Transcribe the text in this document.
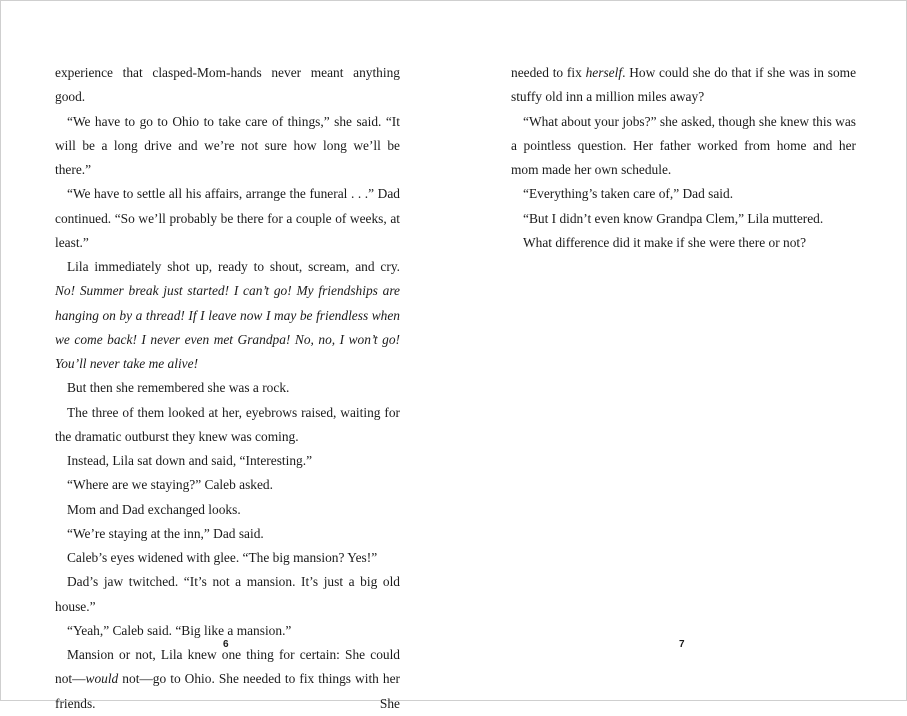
experience that clasped-Mom-hands never meant anything good.

“We have to go to Ohio to take care of things,” she said. “It will be a long drive and we’re not sure how long we’ll be there.”

“We have to settle all his affairs, arrange the funeral . . .” Dad continued. “So we’ll probably be there for a couple of weeks, at least.”

Lila immediately shot up, ready to shout, scream, and cry. No! Summer break just started! I can’t go! My friendships are hanging on by a thread! If I leave now I may be friendless when we come back! I never even met Grandpa! No, no, I won’t go! You’ll never take me alive!

But then she remembered she was a rock.

The three of them looked at her, eyebrows raised, waiting for the dramatic outburst they knew was coming.

Instead, Lila sat down and said, “Interesting.”

“Where are we staying?” Caleb asked.

Mom and Dad exchanged looks.

“We’re staying at the inn,” Dad said.

Caleb’s eyes widened with glee. “The big mansion? Yes!”

Dad’s jaw twitched. “It’s not a mansion. It’s just a big old house.”

“Yeah,” Caleb said. “Big like a mansion.”

Mansion or not, Lila knew one thing for certain: She could not—would not—go to Ohio. She needed to fix things with her friends. She

6

needed to fix herself. How could she do that if she was in some stuffy old inn a million miles away?

“What about your jobs?” she asked, though she knew this was a pointless question. Her father worked from home and her mom made her own schedule.

“Everything’s taken care of,” Dad said.

“But I didn’t even know Grandpa Clem,” Lila muttered.

What difference did it make if she were there or not?

7
